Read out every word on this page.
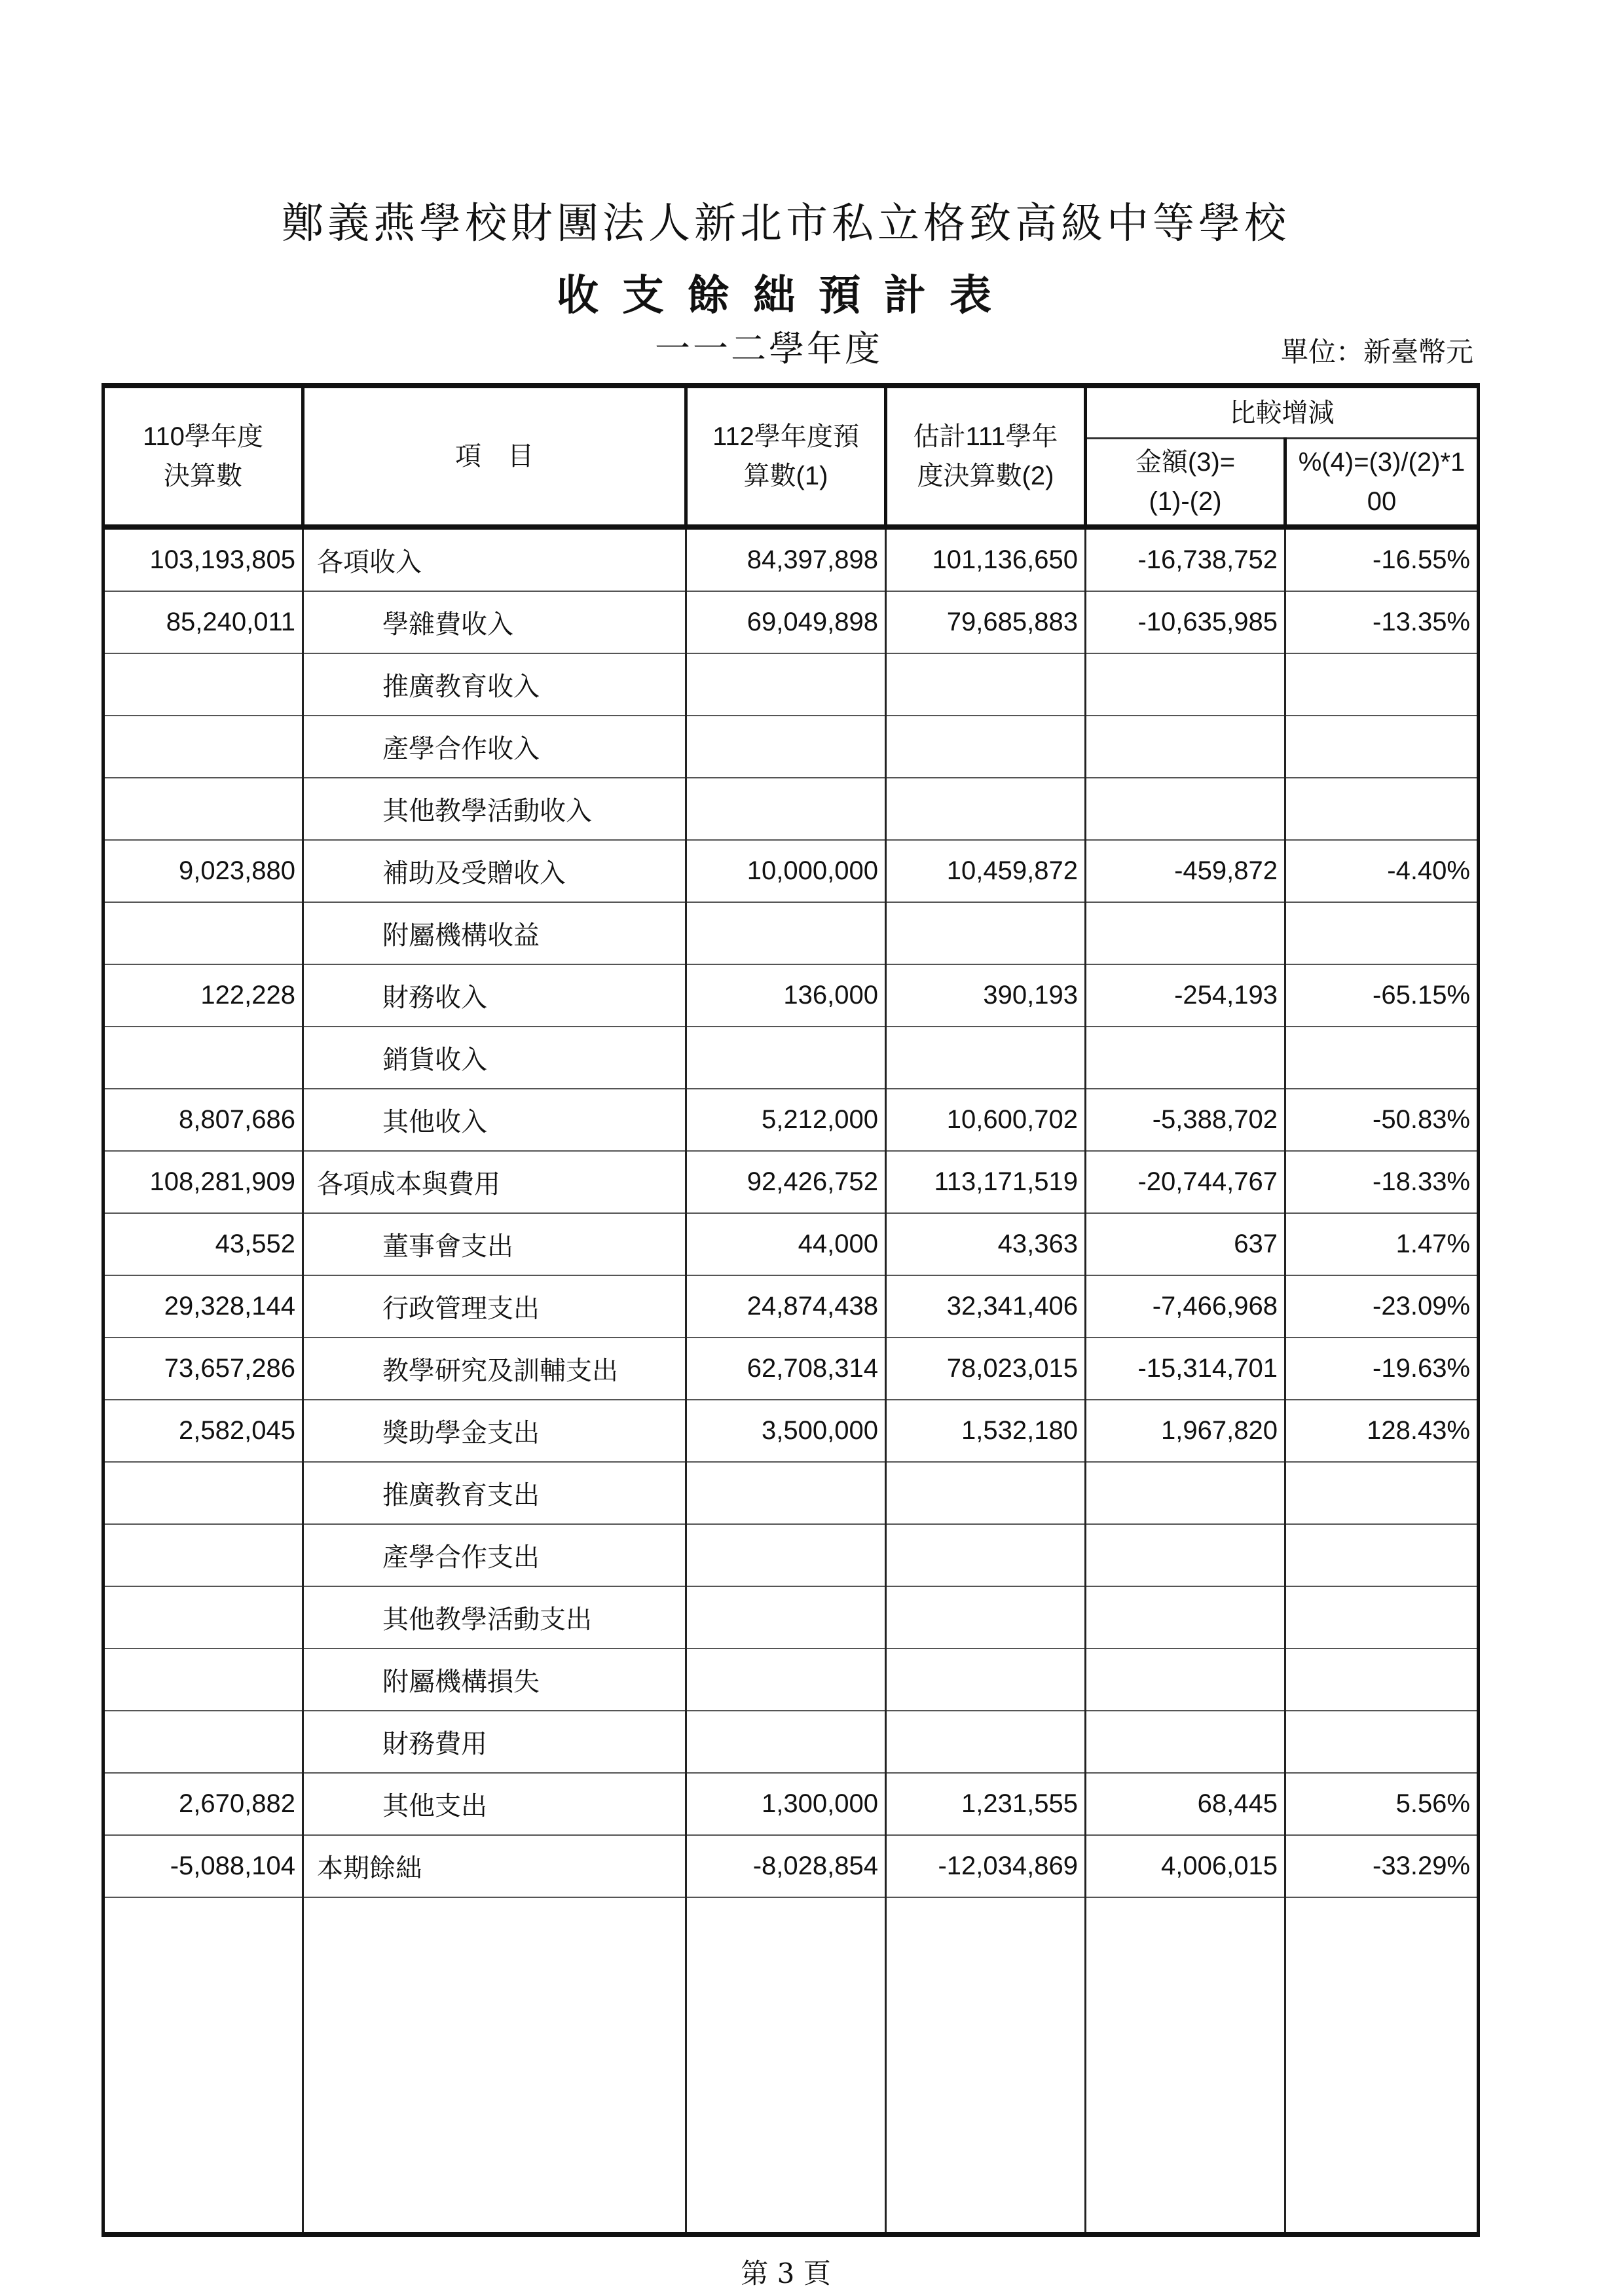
鄭義燕學校財團法人新北市私立格致高級中等學校
收支餘絀預計表
一一二學年度	單位：新臺幣元
110學年度決算數	項　目	112學年度預算數(1)	估計111學年度決算數(2)	比較增減	
				金額(3)=(1)-(2)	%(4)=(3)/(2)*100
103,193,805	各項收入	84,397,898	101,136,650	-16,738,752	-16.55%
85,240,011	學雜費收入	69,049,898	79,685,883	-10,635,985	-13.35%
	推廣教育收入				
	產學合作收入				
	其他教學活動收入				
9,023,880	補助及受贈收入	10,000,000	10,459,872	-459,872	-4.40%
	附屬機構收益				
122,228	財務收入	136,000	390,193	-254,193	-65.15%
	銷貨收入				
8,807,686	其他收入	5,212,000	10,600,702	-5,388,702	-50.83%
108,281,909	各項成本與費用	92,426,752	113,171,519	-20,744,767	-18.33%
43,552	董事會支出	44,000	43,363	637	1.47%
29,328,144	行政管理支出	24,874,438	32,341,406	-7,466,968	-23.09%
73,657,286	教學研究及訓輔支出	62,708,314	78,023,015	-15,314,701	-19.63%
2,582,045	獎助學金支出	3,500,000	1,532,180	1,967,820	128.43%
	推廣教育支出				
	產學合作支出				
	其他教學活動支出				
	附屬機構損失				
	財務費用				
2,670,882	其他支出	1,300,000	1,231,555	68,445	5.56%
-5,088,104	本期餘絀	-8,028,854	-12,034,869	4,006,015	-33.29%

第 3 頁
